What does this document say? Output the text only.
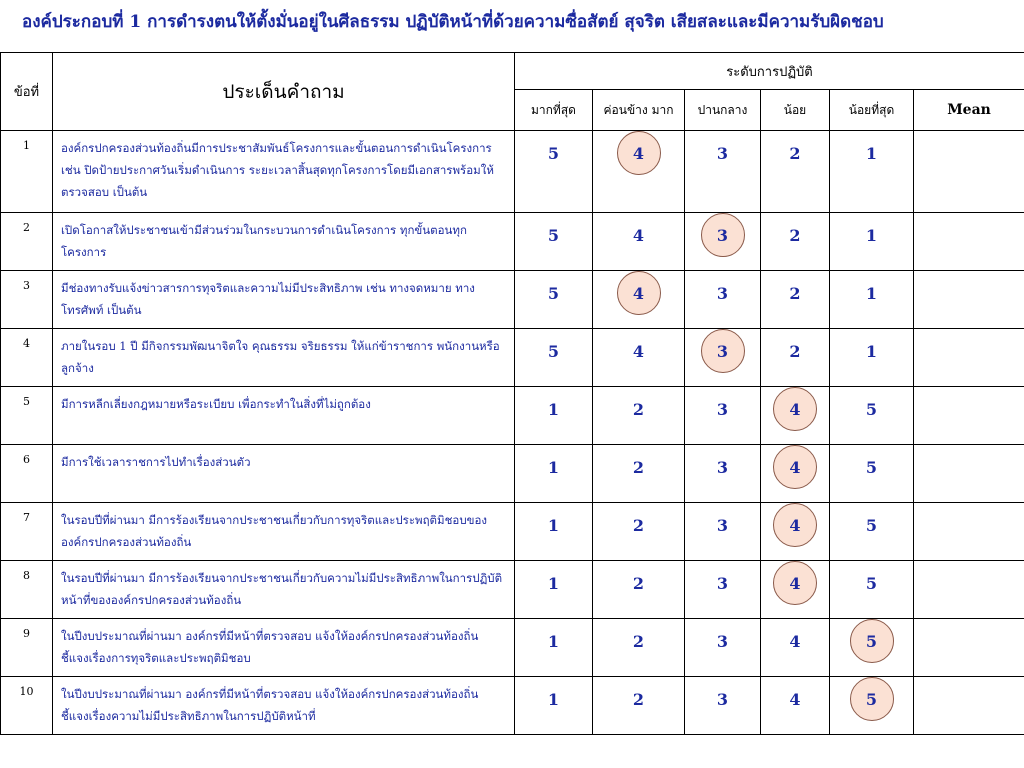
องค์ประกอบที่ 1 การดำรงตนให้ตั้งมั่นอยู่ในศีลธรรม ปฏิบัติหน้าที่ด้วยความซื่อสัตย์ สุจริต เสียสละและมีความรับผิดชอบ
ข้อที่	ประเด็นคำถาม	ระดับการปฏิบัติ					
		มากที่สุด	ค่อนข้าง มาก	ปานกลาง	น้อย	น้อยที่สุด	Mean
1	องค์กรปกครองส่วนท้องถิ่นมีการประชาสัมพันธ์โครงการและขั้นตอนการดำเนินโครงการเช่น ปิดป้ายประกาศวันเริ่มดำเนินการ ระยะเวลาสิ้นสุดทุกโครงการโดยมีเอกสารพร้อมให้ตรวจสอบ เป็นต้น	5	4	3	2	1	
2	เปิดโอกาสให้ประชาชนเข้ามีส่วนร่วมในกระบวนการดำเนินโครงการ ทุกขั้นตอนทุกโครงการ	5	4	3	2	1	
3	มีช่องทางรับแจ้งข่าวสารการทุจริตและความไม่มีประสิทธิภาพ เช่น ทางจดหมาย ทางโทรศัพท์ เป็นต้น	5	4	3	2	1	
4	ภายในรอบ 1 ปี มีกิจกรรมพัฒนาจิตใจ คุณธรรม จริยธรรม ให้แก่ข้าราชการ พนักงานหรือลูกจ้าง	5	4	3	2	1	
5	มีการหลีกเลี่ยงกฎหมายหรือระเบียบ เพื่อกระทำในสิ่งที่ไม่ถูกต้อง	1	2	3	4	5	
6	มีการใช้เวลาราชการไปทำเรื่องส่วนตัว	1	2	3	4	5	
7	ในรอบปีที่ผ่านมา มีการร้องเรียนจากประชาชนเกี่ยวกับการทุจริตและประพฤติมิชอบขององค์กรปกครองส่วนท้องถิ่น	1	2	3	4	5	
8	ในรอบปีที่ผ่านมา มีการร้องเรียนจากประชาชนเกี่ยวกับความไม่มีประสิทธิภาพในการปฏิบัติหน้าที่ขององค์กรปกครองส่วนท้องถิ่น	1	2	3	4	5	
9	ในปีงบประมาณที่ผ่านมา องค์กรที่มีหน้าที่ตรวจสอบ แจ้งให้องค์กรปกครองส่วนท้องถิ่น ชี้แจงเรื่องการทุจริตและประพฤติมิชอบ	1	2	3	4	5	
10	ในปีงบประมาณที่ผ่านมา องค์กรที่มีหน้าที่ตรวจสอบ แจ้งให้องค์กรปกครองส่วนท้องถิ่น ชี้แจงเรื่องความไม่มีประสิทธิภาพในการปฏิบัติหน้าที่	1	2	3	4	5	
